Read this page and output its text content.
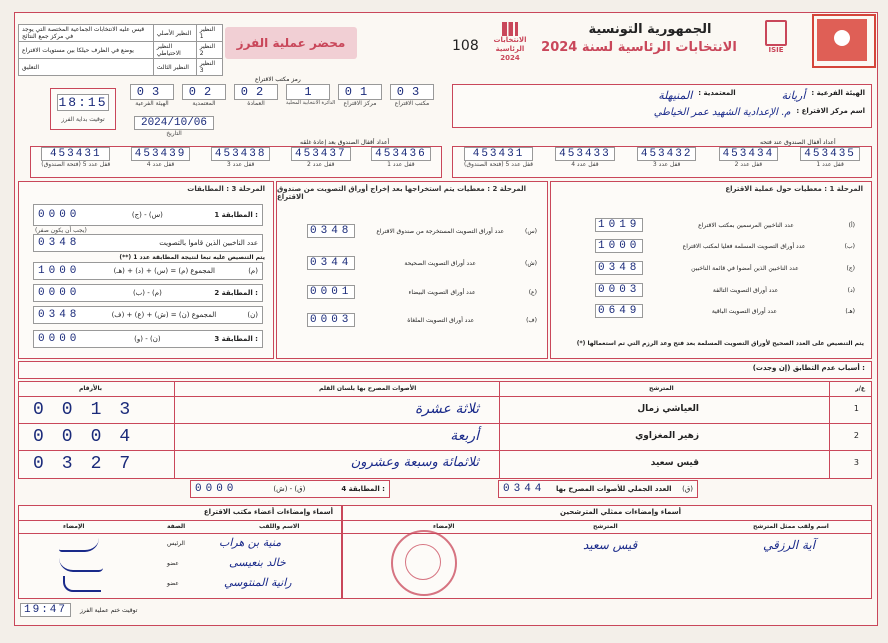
قيس عليه الانتخابات الجماعية المختصة التي يوجد في مركز جمع النتائج	النظير الأصلي	النظير 1
يوضع في الظرف حيلكا بين مستويات الاقتراع	النظير الاحتياطي	النظير 2
التعليق	النظير الثالث	النظير 3
محضر عملية الفرز	108	الانتخابات الرئاسية 2024
الجمهورية التونسية
الانتخابات الرئاسية لسنة 2024	ISIE
18:15
توقيت بداية الفرز
رمز مكتب الاقتراع
03
الهيئة الفرعية
02
المعتمدية
02
العمادة
1
الدائرة الانتخابية المحلية
01
مركز الاقتراع
03
مكتب الاقتراع
2024/10/06
التاريخ
الهيئة الفرعية :
أريانة
المعتمدية :
المنيهلة
اسم مركز الاقتراع :
م. الإعدادية الشهيد عمر الخياطي
أعداد أقفال الصندوق بعد إعادة غلقه
453431
قفل عدد 5 (فتحة الصندوق)
453439
قفل عدد 4
453438
قفل عدد 3
453437
قفل عدد 2
453436
قفل عدد 1
أعداد أقفال الصندوق عند فتحه
453431
قفل عدد 5 (فتحة الصندوق)
453433
قفل عدد 4
453432
قفل عدد 3
453434
قفل عدد 2
453435
قفل عدد 1
المرحلة 3 : المطابقات
0000	(ج) - (س)	المطابقة 1 :
(يجب أن يكون صفر)
0348	عدد الناخبين الذين قاموا بالتصويت
(**) يتم التنصيص عليه تبعا لنتيجة المطابقة عدد 1
1000	المجموع (م) = (س) + (د) + (هـ)	(م)
0000	(ب) - (م)	المطابقة 2 :
0348	المجموع (ن) = (ش) + (ع) + (ف)	(ن)
0000	(و) - (ن)	المطابقة 3 :
المرحلة 2 : معطيات يتم استخراجها بعد إخراج أوراق التصويت من صندوق الاقتراع
0348	عدد أوراق التصويت المستخرجة من صندوق الاقتراع	(س)
0344	عدد أوراق التصويت الصحيحة	(ش)
0001	عدد أوراق التصويت البيضاء	(ع)
0003	عدد أوراق التصويت الملغاة	(ف)
المرحلة 1 : معطيات حول عملية الاقتراع
1019	عدد الناخبين المرسمين بمكتب الاقتراع	(أ)
1000	عدد أوراق التصويت المسلمة فعليا لمكتب الاقتراع	(ب)
0348	عدد الناخبين الذين أمضوا في قائمة الناخبين	(ج)
0003	عدد أوراق التصويت التالفة	(د)
0649	عدد أوراق التصويت الباقية	(هـ)
(*) يتم التنصيص على العدد الصحيح لأوراق التصويت المسلمة بعد فتح وعد الرزم التي تم استعمالها
أسباب عدم التطابق (إن وجدت) :
بالأرقام	الأصوات المصرح بها بلسان القلم	المترشح	ع/ر
0013	ثلاثة عشرة	العياشي زمال	1
0004	أربعة	زهير المغزاوي	2
0327	ثلاثمائة وسبعة وعشرون	قيس سعيد	3
0000	(ش) - (ق)	المطابقة 4 :	0344 العدد الجملي للأصوات المصرح بها (ق)
أسماء وإمضاءات أعضاء مكتب الاقتراع
الإمضاء	الصفة	الاسم واللقب
منية بن هراب
الرئيس
خالد بنعيسى
عضو
رانية المنتوسي
عضو
أسماء وإمضاءات ممثلي المترشحين
الإمضاء	المترشح	اسم ولقب ممثل المترشح
آية الرزقي
قيس سعيد
19:47	توقيت ختم عملية الفرز
